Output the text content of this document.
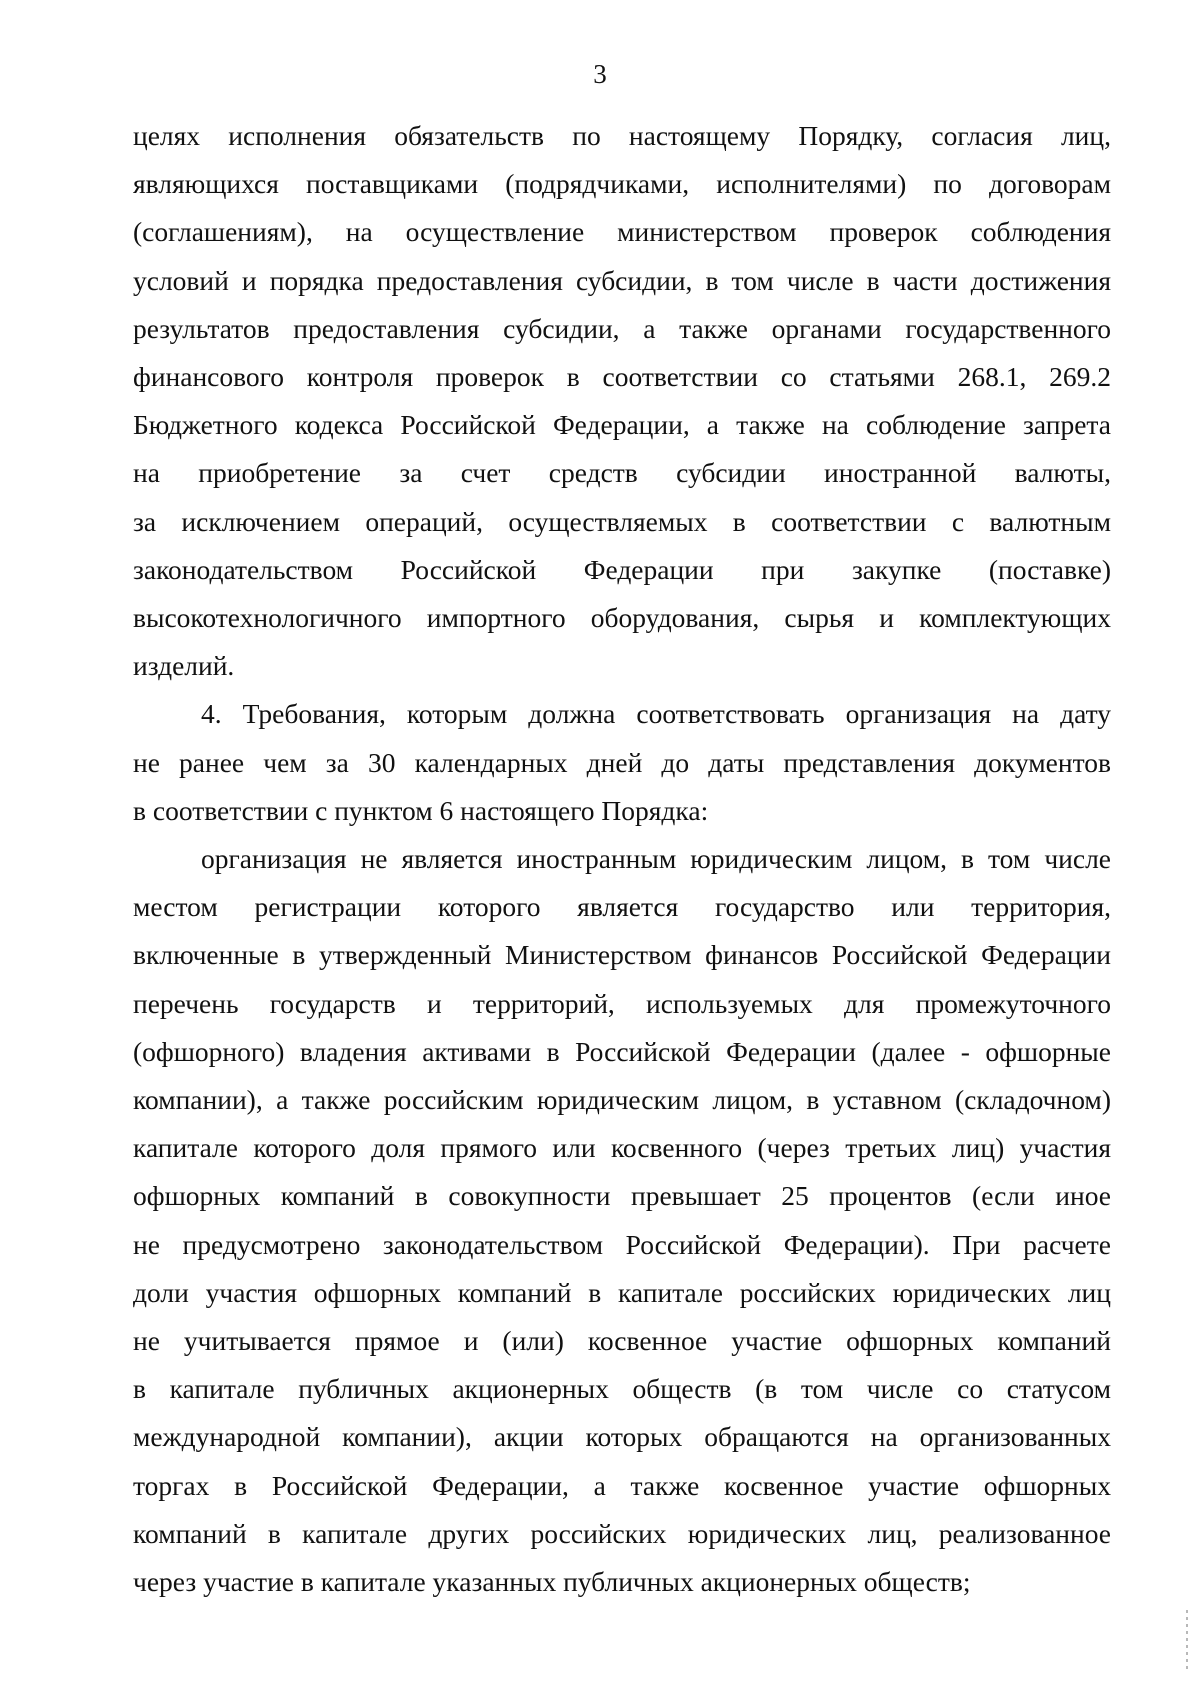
3
целях исполнения обязательств по настоящему Порядку, согласия лиц,
являющихся поставщиками (подрядчиками, исполнителями) по договорам
(соглашениям), на осуществление министерством проверок соблюдения
условий и порядка предоставления субсидии, в том числе в части достижения
результатов предоставления субсидии, а также органами государственного
финансового контроля проверок в соответствии со статьями 268.1, 269.2
Бюджетного кодекса Российской Федерации, а также на соблюдение запрета
на приобретение за счет средств субсидии иностранной валюты,
за исключением операций, осуществляемых в соответствии с валютным
законодательством Российской Федерации при закупке (поставке)
высокотехнологичного импортного оборудования, сырья и комплектующих
изделий.
4. Требования, которым должна соответствовать организация на дату
не ранее чем за 30 календарных дней до даты представления документов
в соответствии с пунктом 6 настоящего Порядка:
организация не является иностранным юридическим лицом, в том числе
местом регистрации которого является государство или территория,
включенные в утвержденный Министерством финансов Российской Федерации
перечень государств и территорий, используемых для промежуточного
(офшорного) владения активами в Российской Федерации (далее - офшорные
компании), а также российским юридическим лицом, в уставном (складочном)
капитале которого доля прямого или косвенного (через третьих лиц) участия
офшорных компаний в совокупности превышает 25 процентов (если иное
не предусмотрено законодательством Российской Федерации). При расчете
доли участия офшорных компаний в капитале российских юридических лиц
не учитывается прямое и (или) косвенное участие офшорных компаний
в капитале публичных акционерных обществ (в том числе со статусом
международной компании), акции которых обращаются на организованных
торгах в Российской Федерации, а также косвенное участие офшорных
компаний в капитале других российских юридических лиц, реализованное
через участие в капитале указанных публичных акционерных обществ;
